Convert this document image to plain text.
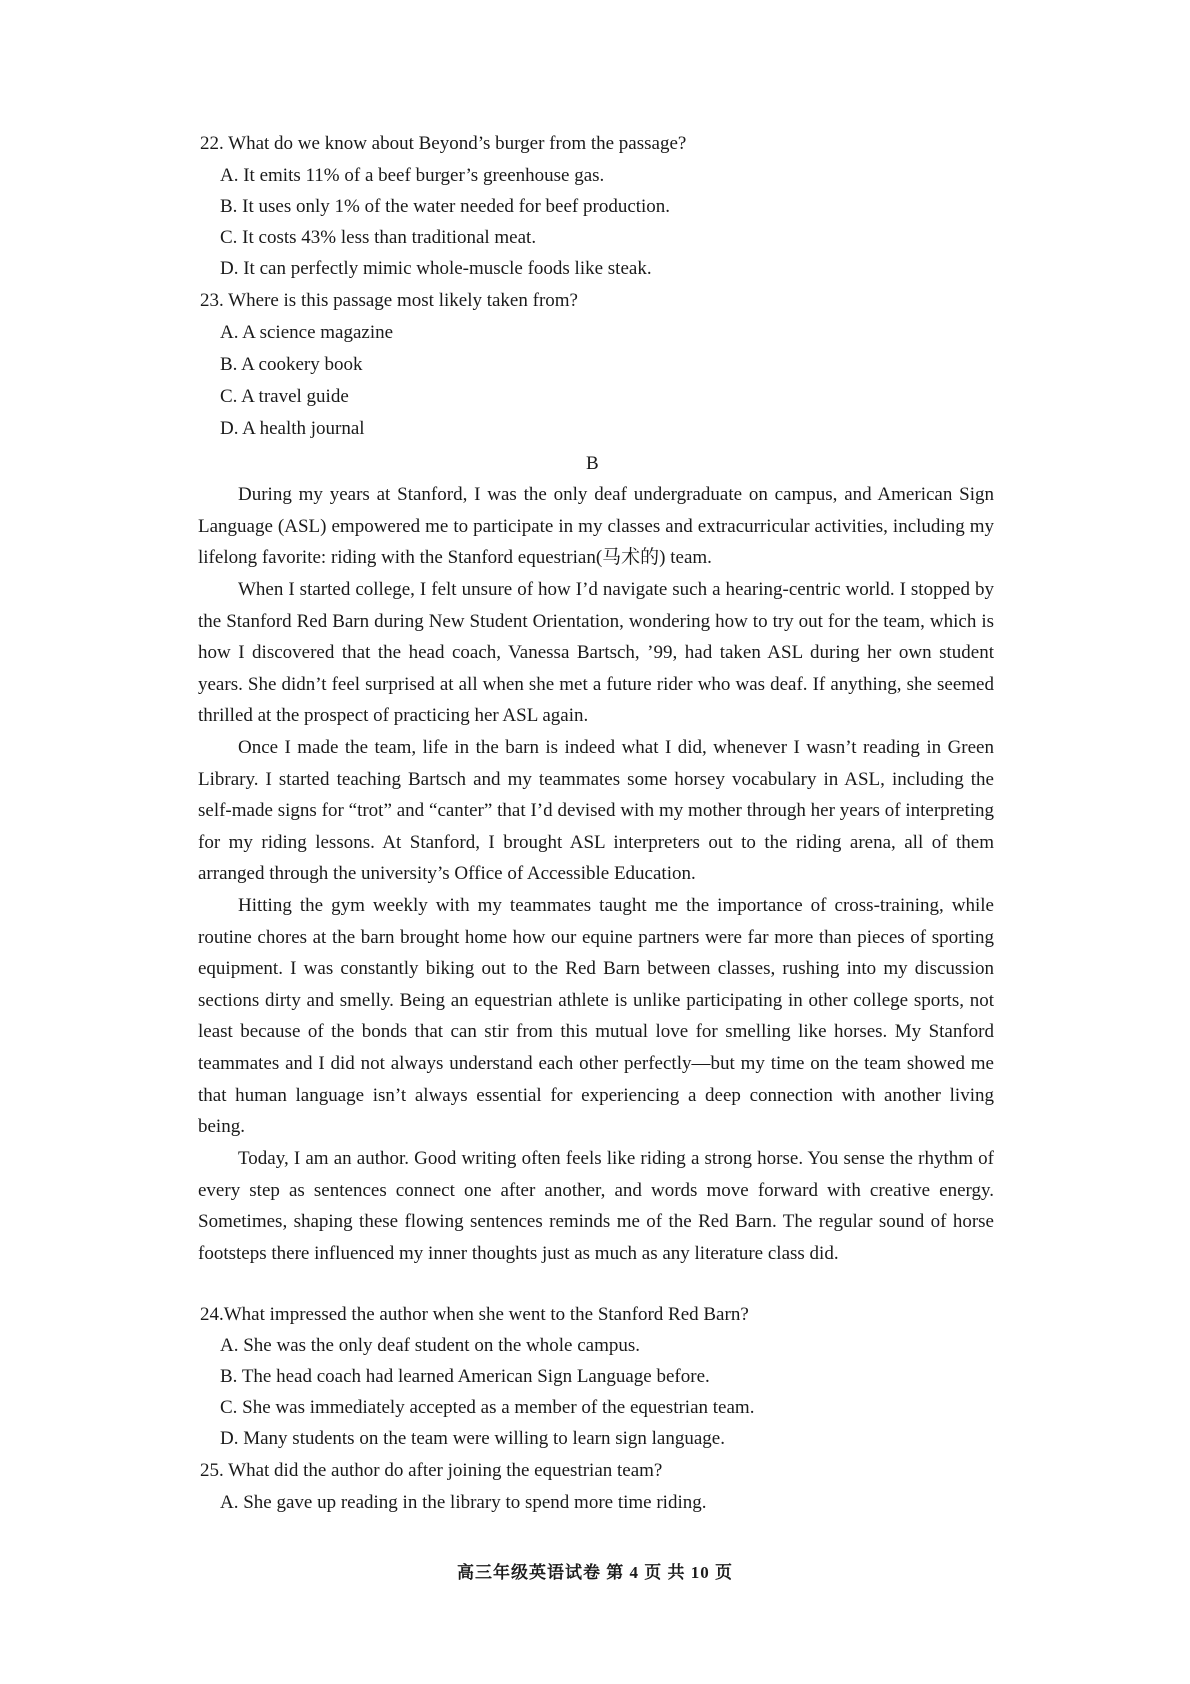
22. What do we know about Beyond’s burger from the passage?

A. It emits 11% of a beef burger’s greenhouse gas.

B. It uses only 1% of the water needed for beef production.

C. It costs 43% less than traditional meat.

D. It can perfectly mimic whole-muscle foods like steak.

23. Where is this passage most likely taken from?

A. A science magazine

B. A cookery book

C. A travel guide

D. A health journal

B

During my years at Stanford, I was the only deaf undergraduate on campus, and American Sign Language (ASL) empowered me to participate in my classes and extracurricular activities, including my lifelong favorite: riding with the Stanford equestrian(马术的) team.

When I started college, I felt unsure of how I’d navigate such a hearing-centric world. I stopped by the Stanford Red Barn during New Student Orientation, wondering how to try out for the team, which is how I discovered that the head coach, Vanessa Bartsch, ’99, had taken ASL during her own student years. She didn’t feel surprised at all when she met a future rider who was deaf. If anything, she seemed thrilled at the prospect of practicing her ASL again.

Once I made the team, life in the barn is indeed what I did, whenever I wasn’t reading in Green Library. I started teaching Bartsch and my teammates some horsey vocabulary in ASL, including the self-made signs for “trot” and “canter” that I’d devised with my mother through her years of interpreting for my riding lessons. At Stanford, I brought ASL interpreters out to the riding arena, all of them arranged through the university’s Office of Accessible Education.

Hitting the gym weekly with my teammates taught me the importance of cross-training, while routine chores at the barn brought home how our equine partners were far more than pieces of sporting equipment. I was constantly biking out to the Red Barn between classes, rushing into my discussion sections dirty and smelly. Being an equestrian athlete is unlike participating in other college sports, not least because of the bonds that can stir from this mutual love for smelling like horses. My Stanford teammates and I did not always understand each other perfectly—but my time on the team showed me that human language isn’t always essential for experiencing a deep connection with another living being.

Today, I am an author. Good writing often feels like riding a strong horse. You sense the rhythm of every step as sentences connect one after another, and words move forward with creative energy. Sometimes, shaping these flowing sentences reminds me of the Red Barn. The regular sound of horse footsteps there influenced my inner thoughts just as much as any literature class did.

24.What impressed the author when she went to the Stanford Red Barn?

A. She was the only deaf student on the whole campus.

B. The head coach had learned American Sign Language before.

C. She was immediately accepted as a member of the equestrian team.

D. Many students on the team were willing to learn sign language.

25. What did the author do after joining the equestrian team?

A. She gave up reading in the library to spend more time riding.

高三年级英语试卷 第 4 页 共 10 页
